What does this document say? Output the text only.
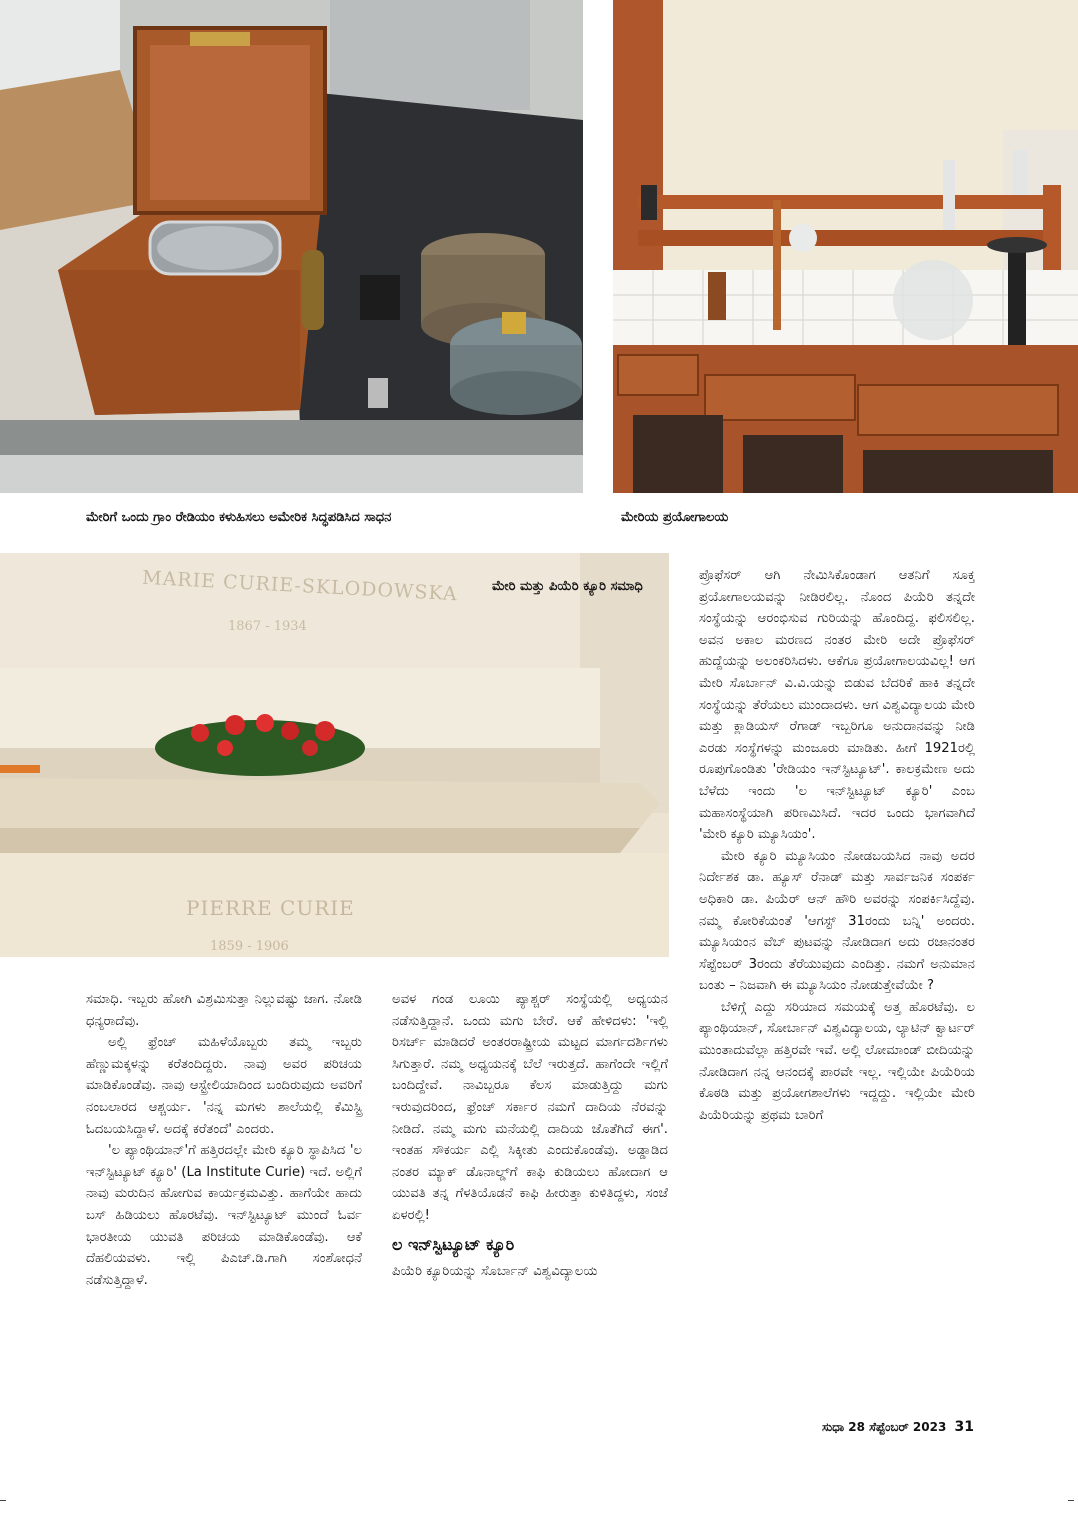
ಮೇರಿಗೆ ಒಂದು ಗ್ರಾಂ ರೇಡಿಯಂ ಕಳುಹಿಸಲು ಅಮೇರಿಕ ಸಿದ್ಧಪಡಿಸಿದ ಸಾಧನ	ಮೇರಿಯ ಪ್ರಯೋಗಾಲಯ
MARIE CURIE-SKLODOWSKA
1867 - 1934
PIERRE CURIE
1859 - 1906
ಮೇರಿ ಮತ್ತು ಪಿಯೆರಿ ಕ್ಯೂರಿ ಸಮಾಧಿ

ಪ್ರೊಫೆಸರ್ ಆಗಿ ನೇಮಿಸಿಕೊಂಡಾಗ ಆತನಿಗೆ ಸೂಕ್ತ ಪ್ರಯೋಗಾಲಯವನ್ನು ನೀಡಿರಲಿಲ್ಲ. ನೊಂದ ಪಿಯೆರಿ ತನ್ನದೇ ಸಂಸ್ಥೆಯನ್ನು ಆರಂಭಿಸುವ ಗುರಿಯನ್ನು ಹೊಂದಿದ್ದ. ಫಲಿಸಲಿಲ್ಲ. ಅವನ ಅಕಾಲ ಮರಣದ ನಂತರ ಮೇರಿ ಅದೇ ಪ್ರೊಫೆಸರ್ ಹುದ್ದೆಯನ್ನು ಅಲಂಕರಿಸಿದಳು. ಆಕೆಗೂ ಪ್ರಯೋಗಾಲಯವಿಲ್ಲ! ಆಗ ಮೇರಿ ಸೊರ್ಬಾನ್ ವಿ.ವಿ.ಯನ್ನು ಬಿಡುವ ಬೆದರಿಕೆ ಹಾಕಿ ತನ್ನದೇ ಸಂಸ್ಥೆಯನ್ನು ತೆರೆಯಲು ಮುಂದಾದಳು. ಆಗ ವಿಶ್ವವಿದ್ಯಾಲಯ ಮೇರಿ ಮತ್ತು ಕ್ಲಾಡಿಯಸ್ ರೆಗಾಡ್ ಇಬ್ಬರಿಗೂ ಅನುದಾನವನ್ನು ನೀಡಿ ಎರಡು ಸಂಸ್ಥೆಗಳನ್ನು ಮಂಜೂರು ಮಾಡಿತು. ಹೀಗೆ 1921ರಲ್ಲಿ ರೂಪುಗೊಂಡಿತು 'ರೇಡಿಯಂ ಇನ್‌ಸ್ಟಿಟ್ಯೂಟ್'. ಕಾಲಕ್ರಮೇಣ ಅದು ಬೆಳೆದು ಇಂದು 'ಲ ಇನ್‌ಸ್ಟಿಟ್ಯೂಟ್ ಕ್ಯೂರಿ' ಎಂಬ ಮಹಾಸಂಸ್ಥೆಯಾಗಿ ಪರಿಣಮಿಸಿದೆ. ಇದರ ಒಂದು ಭಾಗವಾಗಿದೆ 'ಮೇರಿ ಕ್ಯೂರಿ ಮ್ಯೂಸಿಯಂ'.

ಮೇರಿ ಕ್ಯೂರಿ ಮ್ಯೂಸಿಯಂ ನೋಡಬಯಸಿದ ನಾವು ಅದರ ನಿರ್ದೇಶಕ ಡಾ. ಹ್ಯೂಸ್ ರೆನಾಡ್ ಮತ್ತು ಸಾರ್ವಜನಿಕ ಸಂಪರ್ಕ ಅಧಿಕಾರಿ ಡಾ. ಪಿಯೆರ್ ಆನ್ ಹೌರಿ ಅವರನ್ನು ಸಂಪರ್ಕಿಸಿದ್ದೆವು. ನಮ್ಮ ಕೋರಿಕೆಯಂತೆ 'ಆಗಸ್ಟ್ 31ರಂದು ಬನ್ನಿ' ಅಂದರು. ಮ್ಯೂಸಿಯಂನ ವೆಬ್ ಪುಟವನ್ನು ನೋಡಿದಾಗ ಅದು ರಜಾನಂತರ ಸೆಪ್ಟೆಂಬರ್ 3ರಂದು ತೆರೆಯುವುದು ಎಂದಿತ್ತು. ನಮಗೆ ಅನುಮಾನ ಬಂತು – ನಿಜವಾಗಿ ಈ ಮ್ಯೂಸಿಯಂ ನೋಡುತ್ತೇವೆಯೇ ?

ಬೆಳಿಗ್ಗೆ ಎದ್ದು ಸರಿಯಾದ ಸಮಯಕ್ಕೆ ಅತ್ತ ಹೊರಟೆವು. ಲ ಪ್ಯಾಂಥಿಯಾನ್, ಸೋರ್ಬಾನ್ ವಿಶ್ವವಿದ್ಯಾಲಯ, ಲ್ಯಾಟಿನ್ ಕ್ವಾರ್ಟರ್ ಮುಂತಾದುವೆಲ್ಲಾ ಹತ್ತಿರವೇ ಇವೆ. ಅಲ್ಲಿ ಲೋಮಾಂಡ್ ಬೀದಿಯನ್ನು ನೋಡಿದಾಗ ನನ್ನ ಆನಂದಕ್ಕೆ ಪಾರವೇ ಇಲ್ಲ. ಇಲ್ಲಿಯೇ ಪಿಯೆರಿಯ ಕೊಠಡಿ ಮತ್ತು ಪ್ರಯೋಗಶಾಲೆಗಳು ಇದ್ದದ್ದು. ಇಲ್ಲಿಯೇ ಮೇರಿ ಪಿಯೆರಿಯನ್ನು ಪ್ರಥಮ ಬಾರಿಗೆ

ಸಮಾಧಿ. ಇಬ್ಬರು ಹೋಗಿ ವಿಶ್ರಮಿಸುತ್ತಾ ನಿಲ್ಲುವಷ್ಟು ಜಾಗ. ನೋಡಿ ಧನ್ಯರಾದೆವು.

ಅಲ್ಲಿ ಫ್ರೆಂಚ್ ಮಹಿಳೆಯೊಬ್ಬರು ತಮ್ಮ ಇಬ್ಬರು ಹೆಣ್ಣುಮಕ್ಕಳನ್ನು ಕರೆತಂದಿದ್ದರು. ನಾವು ಅವರ ಪರಿಚಯ ಮಾಡಿಕೊಂಡೆವು. ನಾವು ಆಸ್ಟ್ರೇಲಿಯಾದಿಂದ ಬಂದಿರುವುದು ಅವರಿಗೆ ನಂಬಲಾರದ ಆಶ್ಚರ್ಯ. 'ನನ್ನ ಮಗಳು ಶಾಲೆಯಲ್ಲಿ ಕೆಮಿಸ್ಟ್ರಿ ಓದಬಯಸಿದ್ದಾಳೆ. ಅದಕ್ಕೆ ಕರೆತಂದೆ' ಎಂದರು.

'ಲ ಪ್ಯಾಂಥಿಯಾನ್'ಗೆ ಹತ್ತಿರದಲ್ಲೇ ಮೇರಿ ಕ್ಯೂರಿ ಸ್ಥಾಪಿಸಿದ 'ಲ ಇನ್‌ಸ್ಟಿಟ್ಯೂಟ್ ಕ್ಯೂರಿ' (La Institute Curie) ಇದೆ. ಅಲ್ಲಿಗೆ ನಾವು ಮರುದಿನ ಹೋಗುವ ಕಾರ್ಯಕ್ರಮವಿತ್ತು. ಹಾಗೆಯೇ ಹಾದು ಬಸ್ ಹಿಡಿಯಲು ಹೊರಟೆವು. ಇನ್‌ಸ್ಟಿಟ್ಯೂಟ್ ಮುಂದೆ ಓರ್ವ ಭಾರತೀಯ ಯುವತಿ ಪರಿಚಯ ಮಾಡಿಕೊಂಡೆವು. ಆಕೆ ದೆಹಲಿಯವಳು. ಇಲ್ಲಿ ಪಿಎಚ್.ಡಿ.ಗಾಗಿ ಸಂಶೋಧನೆ ನಡೆಸುತ್ತಿದ್ದಾಳೆ.

ಅವಳ ಗಂಡ ಲೂಯಿ ಪ್ಯಾಶ್ಚರ್ ಸಂಸ್ಥೆಯಲ್ಲಿ ಅಧ್ಯಯನ ನಡೆಸುತ್ತಿದ್ದಾನೆ. ಒಂದು ಮಗು ಬೇರೆ. ಆಕೆ ಹೇಳಿದಳು: 'ಇಲ್ಲಿ ರಿಸರ್ಚ್ ಮಾಡಿದರೆ ಅಂತರರಾಷ್ಟ್ರೀಯ ಮಟ್ಟದ ಮಾರ್ಗದರ್ಶಿಗಳು ಸಿಗುತ್ತಾರೆ. ನಮ್ಮ ಅಧ್ಯಯನಕ್ಕೆ ಬೆಲೆ ಇರುತ್ತದೆ. ಹಾಗೆಂದೇ ಇಲ್ಲಿಗೆ ಬಂದಿದ್ದೇವೆ. ನಾವಿಬ್ಬರೂ ಕೆಲಸ ಮಾಡುತ್ತಿದ್ದು ಮಗು ಇರುವುದರಿಂದ, ಫ್ರೆಂಚ್ ಸರ್ಕಾರ ನಮಗೆ ದಾದಿಯ ನೆರವನ್ನು ನೀಡಿದೆ. ನಮ್ಮ ಮಗು ಮನೆಯಲ್ಲಿ ದಾದಿಯ ಜೊತೆಗಿದೆ ಈಗ'. ಇಂತಹ ಸೌಕರ್ಯ ಎಲ್ಲಿ ಸಿಕ್ಕೀತು ಎಂದುಕೊಂಡೆವು. ಅಡ್ಡಾಡಿದ ನಂತರ ಮ್ಯಾಕ್ ಡೊನಾಲ್ಡ್‌ಗೆ ಕಾಫಿ ಕುಡಿಯಲು ಹೋದಾಗ ಆ ಯುವತಿ ತನ್ನ ಗೆಳತಿಯೊಡನೆ ಕಾಫಿ ಹೀರುತ್ತಾ ಕುಳಿತಿದ್ದಳು, ಸಂಜೆ ಏಳರಲ್ಲಿ!

ಲ ಇನ್‌ಸ್ಟಿಟ್ಯೂಟ್ ಕ್ಯೂರಿ

ಪಿಯೆರಿ ಕ್ಯೂರಿಯನ್ನು ಸೊರ್ಬಾನ್ ವಿಶ್ವವಿದ್ಯಾಲಯ

ಸುಧಾ 28 ಸೆಪ್ಟೆಂಬರ್ 2023 31
